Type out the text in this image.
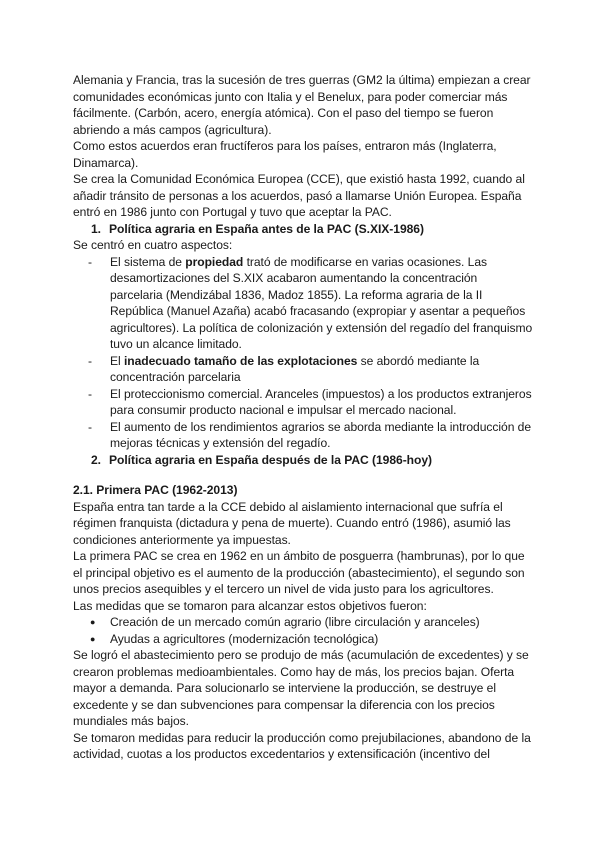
Alemania y Francia, tras la sucesión de tres guerras (GM2 la última) empiezan a crear comunidades económicas junto con Italia y el Benelux, para poder comerciar más fácilmente. (Carbón, acero, energía atómica). Con el paso del tiempo se fueron abriendo a más campos (agricultura).

Como estos acuerdos eran fructíferos para los países, entraron más (Inglaterra, Dinamarca).

Se crea la Comunidad Económica Europea (CCE), que existió hasta 1992, cuando al añadir tránsito de personas a los acuerdos, pasó a llamarse Unión Europea. España entró en 1986 junto con Portugal y tuvo que aceptar la PAC.

1. Política agraria en España antes de la PAC (S.XIX-1986)

Se centró en cuatro aspectos:

- El sistema de propiedad trató de modificarse en varias ocasiones. Las desamortizaciones del S.XIX acabaron aumentando la concentración parcelaria (Mendizábal 1836, Madoz 1855). La reforma agraria de la II República (Manuel Azaña) acabó fracasando (expropiar y asentar a pequeños agricultores). La política de colonización y extensión del regadío del franquismo tuvo un alcance limitado.
- El inadecuado tamaño de las explotaciones se abordó mediante la concentración parcelaria
- El proteccionismo comercial. Aranceles (impuestos) a los productos extranjeros para consumir producto nacional e impulsar el mercado nacional.
- El aumento de los rendimientos agrarios se aborda mediante la introducción de mejoras técnicas y extensión del regadío.

2. Política agraria en España después de la PAC (1986-hoy)

2.1. Primera PAC (1962-2013)

España entra tan tarde a la CCE debido al aislamiento internacional que sufría el régimen franquista (dictadura y pena de muerte). Cuando entró (1986), asumió las condiciones anteriormente ya impuestas.

La primera PAC se crea en 1962 en un ámbito de posguerra (hambrunas), por lo que el principal objetivo es el aumento de la producción (abastecimiento), el segundo son unos precios asequibles y el tercero un nivel de vida justo para los agricultores.

Las medidas que se tomaron para alcanzar estos objetivos fueron:

● Creación de un mercado común agrario (libre circulación y aranceles)
● Ayudas a agricultores (modernización tecnológica)

Se logró el abastecimiento pero se produjo de más (acumulación de excedentes) y se crearon problemas medioambientales. Como hay de más, los precios bajan. Oferta mayor a demanda. Para solucionarlo se interviene la producción, se destruye el excedente y se dan subvenciones para compensar la diferencia con los precios mundiales más bajos.

Se tomaron medidas para reducir la producción como prejubilaciones, abandono de la actividad, cuotas a los productos excedentarios y extensificación (incentivo del
